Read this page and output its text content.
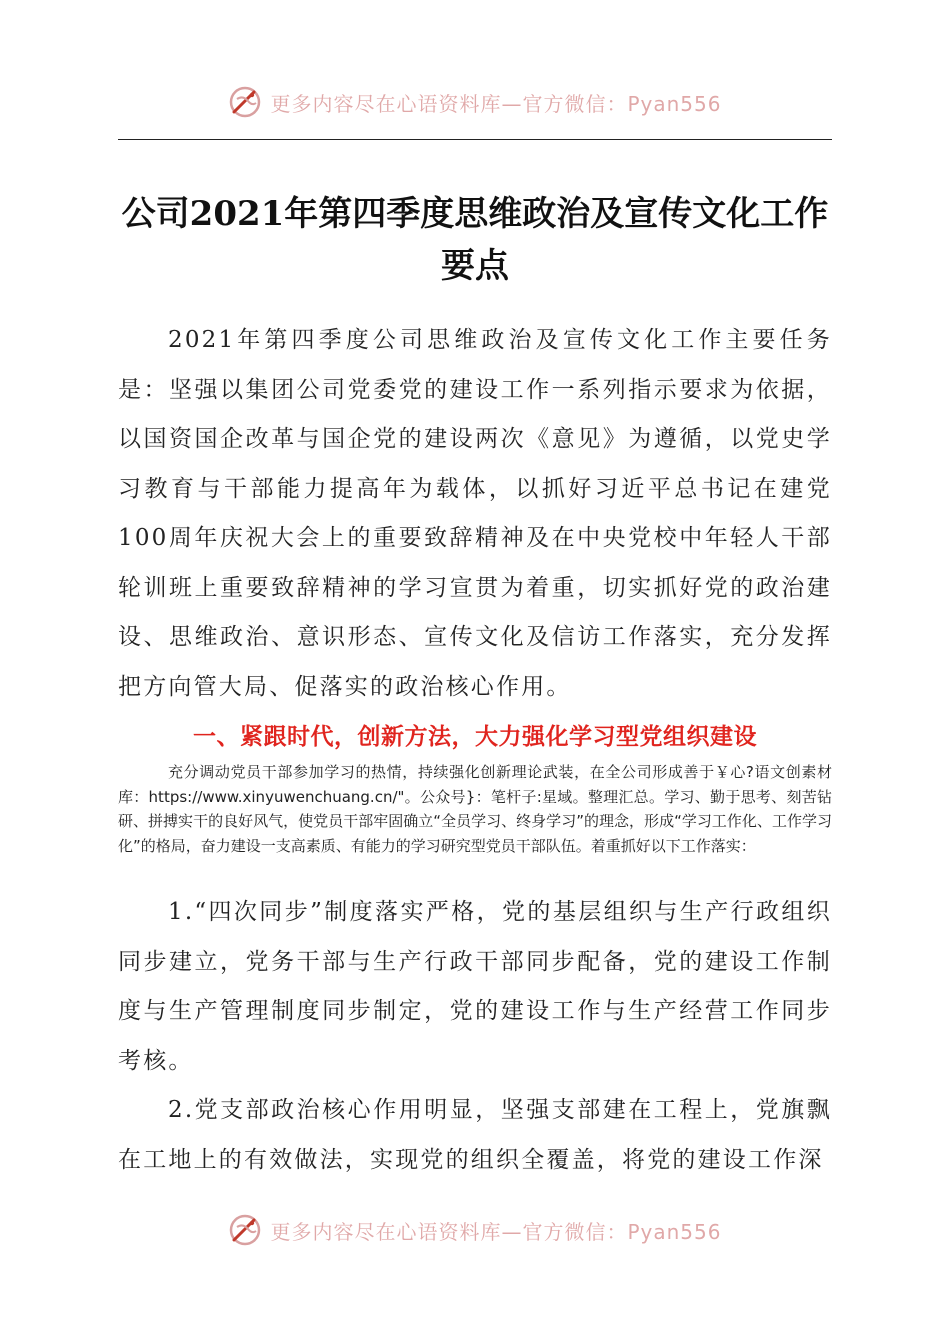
更多内容尽在心语资料库—官方微信：Pyan556
公司2021年第四季度思维政治及宣传文化工作要点
2021年第四季度公司思维政治及宣传文化工作主要任务是：坚强以集团公司党委党的建设工作一系列指示要求为依据，以国资国企改革与国企党的建设两次《意见》为遵循，以党史学习教育与干部能力提高年为载体，以抓好习近平总书记在建党100周年庆祝大会上的重要致辞精神及在中央党校中年轻人干部轮训班上重要致辞精神的学习宣贯为着重，切实抓好党的政治建设、思维政治、意识形态、宣传文化及信访工作落实，充分发挥把方向管大局、促落实的政治核心作用。
一、紧跟时代，创新方法，大力强化学习型党组织建设
充分调动党员干部参加学习的热情，持续强化创新理论武装，在全公司形成善于￥心?语文创素材库：https://www.xinyuwenchuang.cn/"。公众号}：笔杆子:星域。整理汇总。学习、勤于思考、刻苦钻研、拼搏实干的良好风气，使党员干部牢固确立“全员学习、终身学习”的理念，形成“学习工作化、工作学习化”的格局，奋力建设一支高素质、有能力的学习研究型党员干部队伍。着重抓好以下工作落实：
1.“四次同步”制度落实严格，党的基层组织与生产行政组织同步建立，党务干部与生产行政干部同步配备，党的建设工作制度与生产管理制度同步制定，党的建设工作与生产经营工作同步考核。
2.党支部政治核心作用明显，坚强支部建在工程上，党旗飘在工地上的有效做法，实现党的组织全覆盖，将党的建设工作深
更多内容尽在心语资料库—官方微信：Pyan556
